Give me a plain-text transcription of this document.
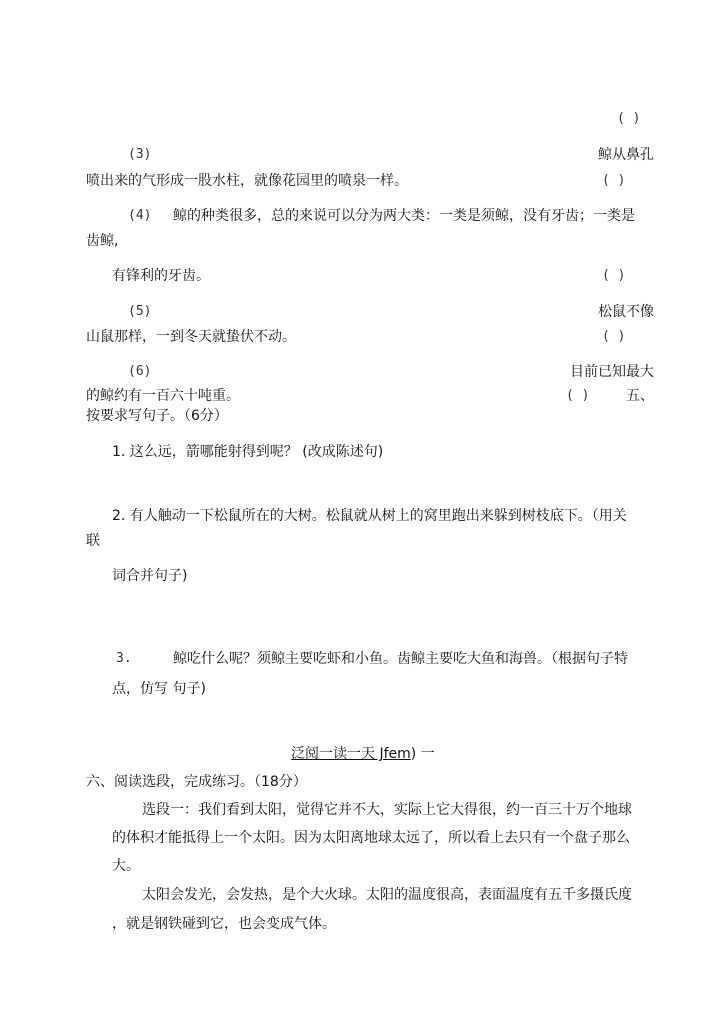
( )
(3)	鲸从鼻孔
喷出来的气形成一股水柱，就像花园里的喷泉一样。	( )
(4) 鲸的种类很多，总的来说可以分为两大类：一类是须鲸，没有牙齿；一类是
齿鲸,
有锋利的牙齿。	( )
(5)	松鼠不像
山鼠那样，一到冬天就蛰伏不动。	( )
(6)	目前已知最大
的鲸约有一百六十吨重。	( )	五、
按要求写句子。（6分）
1. 这么远，箭哪能射得到呢？ (改成陈述句)
2. 有人触动一下松鼠所在的大树。松鼠就从树上的窝里跑出来躲到树枝底下。（用关
联
词合并句子)
3.	鲸吃什么呢？须鲸主要吃虾和小鱼。齿鲸主要吃大鱼和海兽。（根据句子特
点，仿写 句子)
泛阅一读一天 Jfem) 一
六、阅读选段，完成练习。（18分）
选段一：我们看到太阳，觉得它并不大，实际上它大得很，约一百三十万个地球
的体积才能抵得上一个太阳。因为太阳离地球太远了，所以看上去只有一个盘子那么
大。
太阳会发光，会发热，是个大火球。太阳的温度很高，表面温度有五千多摄氏度
，就是钢铁碰到它，也会变成气体。
